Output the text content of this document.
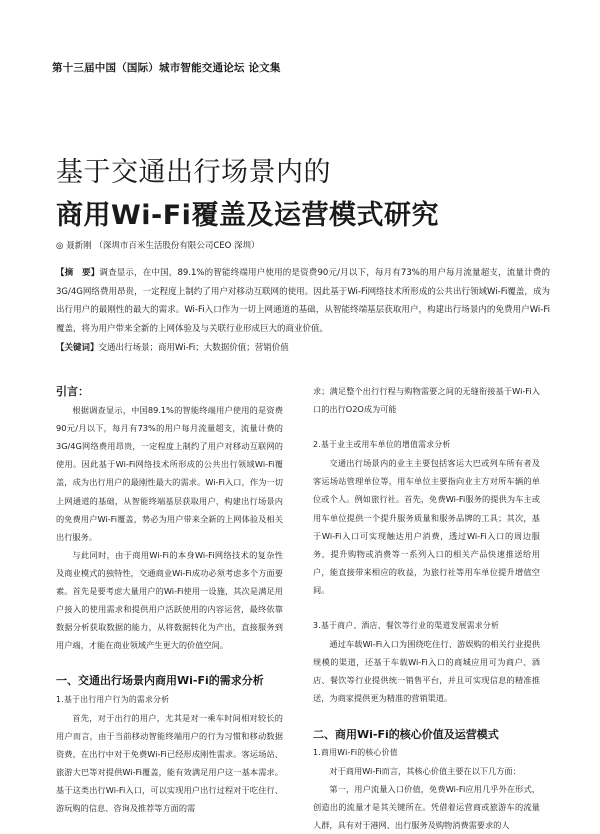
第十三届中国（国际）城市智能交通论坛 论文集
基于交通出行场景内的
商用Wi-Fi覆盖及运营模式研究
◎ 聂新刚 （深圳市百米生活股份有限公司CEO 深圳）
【摘　要】调查显示，在中国，89.1%的智能终端用户使用的是资费90元/月以下，每月有73%的用户每月流量超支，流量计费的3G/4G网络费用昂贵，一定程度上制约了用户对移动互联网的使用。因此基于Wi-Fi网络技术所形成的公共出行领域Wi-Fi覆盖，成为出行用户的最刚性的最大的需求。Wi-Fi入口作为一切上网通道的基础，从智能终端基层获取用户，构建出行场景内的免费用户Wi-Fi覆盖，将为用户带来全新的上网体验及与关联行业形成巨大的商业价值。
【关键词】交通出行场景；商用Wi-Fi；大数据价值；营销价值

引言：

根据调查显示，中国89.1%的智能终端用户使用的是资费90元/月以下，每月有73%的用户每月流量超支，流量计费的3G/4G网络费用昂贵，一定程度上制约了用户对移动互联网的使用。因此基于Wi-Fi网络技术所形成的公共出行领域Wi-Fi覆盖，成为出行用户的最刚性最大的需求。Wi-Fi入口，作为一切上网通道的基础，从智能终端基层获取用户，构建出行场景内的免费用户Wi-Fi覆盖，势必为用户带来全新的上网体验及相关出行服务。

与此同时，由于商用Wi-Fi的本身Wi-Fi网络技术的复杂性及商业模式的独特性，交通商业Wi-Fi成功必须考虑多个方面要素。首先是要考虑大量用户的Wi-Fi使用一设施，其次是满足用户接入的使用需求和提供用户活跃使用的内容运营，最终依靠数据分析获取数据的能力，从将数据转化为产出，直接服务到用户端，才能在商业领域产生更大的价值空间。

一、交通出行场景内商用Wi-Fi的需求分析

1.基于出行用户行为的需求分析

首先，对于出行的用户，尤其是对一乘车时间相对较长的用户而言，由于当前移动智能终端用户的行为习惯和移动数据资费，在出行中对于免费Wi-Fi已经形成刚性需求。客运场站、旅游大巴等对提供Wi-Fi覆盖，能有效满足用户这一基本需求。基于这类出行Wi-Fi入口，可以实现用户出行过程对于吃住行、游玩购的信息、咨询及推荐等方面的需

求；满足整个出行行程与购物需要之间的无缝衔接基于Wi-Fi入口的出行O2O成为可能

2.基于业主或用车单位的增值需求分析

交通出行场景内的业主主要包括客运大巴或列车所有者及客运场站管理单位等，用车单位主要指向业主方对所车辆的单位或个人。例如旅行社。首先，免费Wi-Fi服务的提供为车主或用车单位提供一个提升服务质量和服务品牌的工具；其次，基于Wi-Fi入口可实现触达用户消费，透过Wi-Fi入口的周边服务，提升购物或消费等一系列入口的相关产品快速推送给用户，能直接带来相应的收益，为旅行社等用车单位提升增值空间。

3.基于商户、酒店、餐饮等行业的渠道发展需求分析

通过车载Wi-Fi入口为围绕吃住行、游娱购的相关行业提供规模的渠道，还基于车载Wi-Fi入口的商城应用可为商户、酒店、餐饮等行业提供统一销售平台，并且可实现信息的精准推送，为商家提供更为精准的营销渠道。

二、商用Wi-Fi的核心价值及运营模式

1.商用Wi-Fi的核心价值

对于商用Wi-Fi而言，其核心价值主要在以下几方面：

第一，用户流量入口价值，免费Wi-Fi应用几乎外在形式，创造出的流量才是其关键所在。凭借着运营商或旅游车的流量人群，具有对于港网、出行服务及购物消费需要求的人
